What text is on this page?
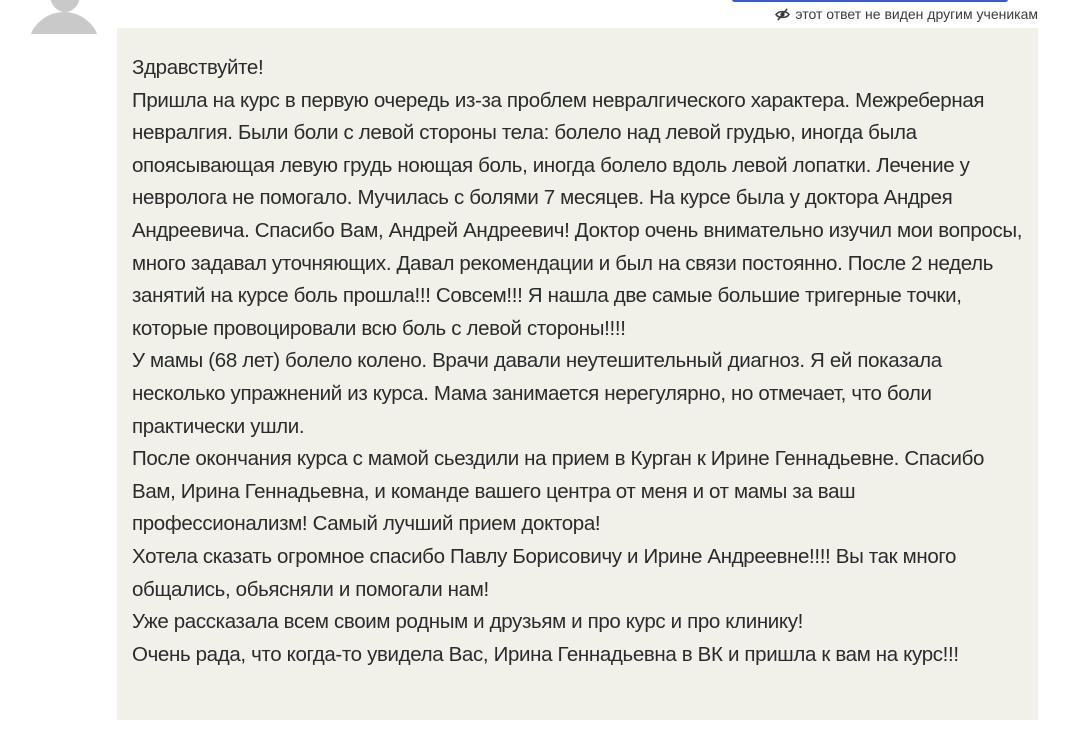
этот ответ не виден другим ученикам

Здравствуйте!

Пришла на курс в первую очередь из-за проблем невралгического характера. Межреберная невралгия. Были боли с левой стороны тела: болело над левой грудью, иногда была опоясывающая левую грудь ноющая боль, иногда болело вдоль левой лопатки. Лечение у невролога не помогало. Мучилась с болями 7 месяцев. На курсе была у доктора Андрея Андреевича. Спасибо Вам, Андрей Андреевич! Доктор очень внимательно изучил мои вопросы, много задавал уточняющих. Давал рекомендации и был на связи постоянно. После 2 недель занятий на курсе боль прошла!!! Совсем!!! Я нашла две самые большие тригерные точки, которые провоцировали всю боль с левой стороны!!!!

У мамы (68 лет) болело колено. Врачи давали неутешительный диагноз. Я ей показала несколько упражнений из курса. Мама занимается нерегулярно, но отмечает, что боли практически ушли.

После окончания курса с мамой сьездили на прием в Курган к Ирине Геннадьевне. Спасибо Вам, Ирина Геннадьевна, и команде вашего центра от меня и от мамы за ваш профессионализм! Самый лучший прием доктора!

Хотела сказать огромное спасибо Павлу Борисовичу и Ирине Андреевне!!!! Вы так много общались, обьясняли и помогали нам!

Уже рассказала всем своим родным и друзьям и про курс и про клинику!

Очень рада, что когда-то увидела Вас, Ирина Геннадьевна в ВК и пришла к вам на курс!!!
